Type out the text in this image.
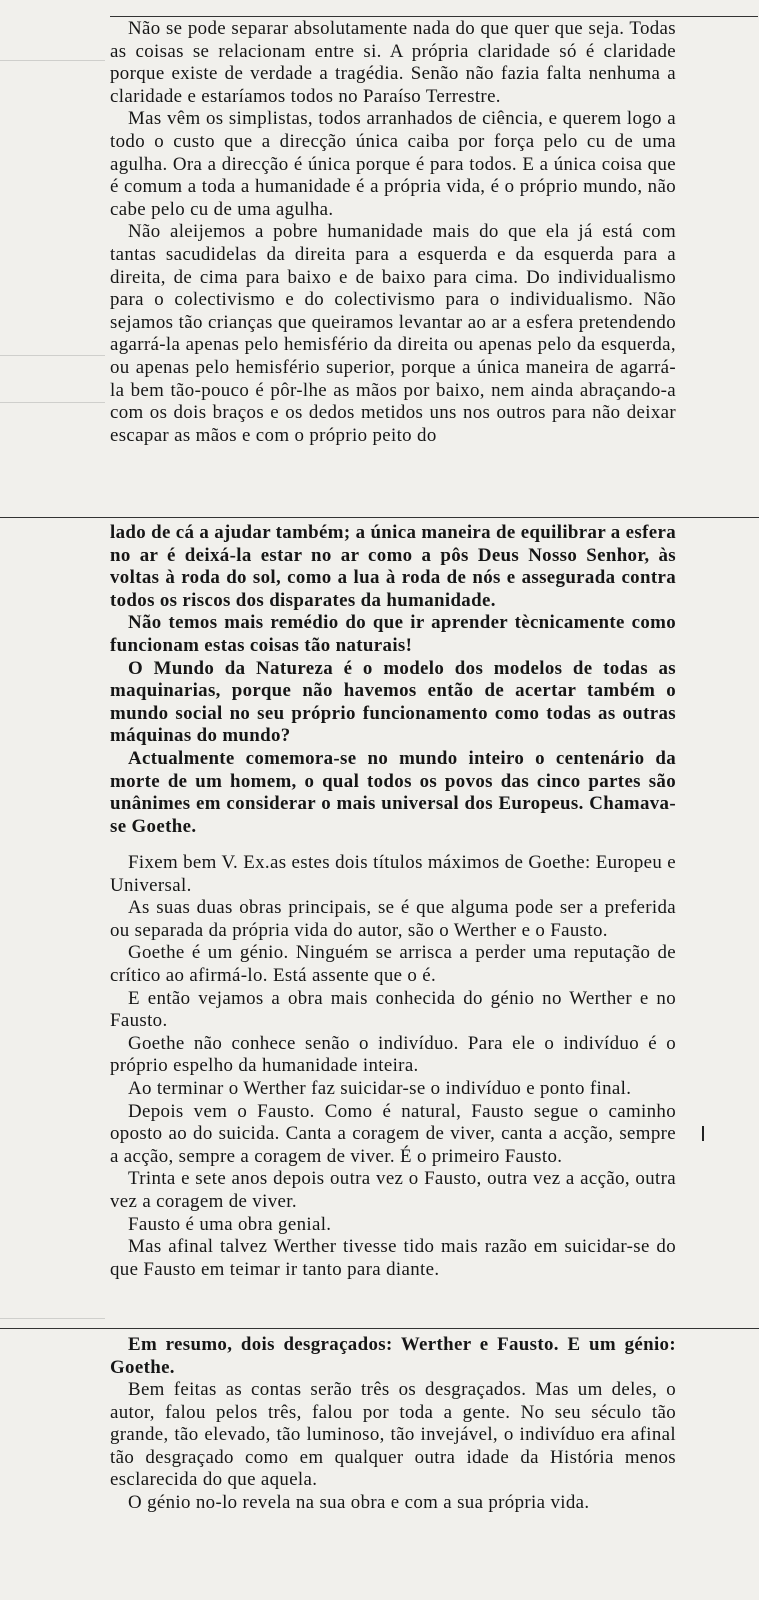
Não se pode separar absolutamente nada do que quer que seja. Todas as coisas se relacionam entre si. A própria claridade só é claridade porque existe de verdade a tragédia. Senão não fazia falta nenhuma a claridade e estaríamos todos no Paraíso Terrestre.

Mas vêm os simplistas, todos arranhados de ciência, e querem logo a todo o custo que a direcção única caiba por força pelo cu de uma agulha. Ora a direcção é única porque é para todos. E a única coisa que é comum a toda a humanidade é a própria vida, é o próprio mundo, não cabe pelo cu de uma agulha.

Não aleijemos a pobre humanidade mais do que ela já está com tantas sacudidelas da direita para a esquerda e da esquerda para a direita, de cima para baixo e de baixo para cima. Do individualismo para o colectivismo e do colectivismo para o individualismo. Não sejamos tão crianças que queiramos levantar ao ar a esfera pretendendo agarrá-la apenas pelo hemisfério da direita ou apenas pelo da esquerda, ou apenas pelo hemisfério superior, porque a única maneira de agarrá-la bem tão-pouco é pôr-lhe as mãos por baixo, nem ainda abraçando-a com os dois braços e os dedos metidos uns nos outros para não deixar escapar as mãos e com o próprio peito do

lado de cá a ajudar também; a única maneira de equilibrar a esfera no ar é deixá-la estar no ar como a pôs Deus Nosso Senhor, às voltas à roda do sol, como a lua à roda de nós e assegurada contra todos os riscos dos disparates da humanidade.

Não temos mais remédio do que ir aprender tècnicamente como funcionam estas coisas tão naturais!

O Mundo da Natureza é o modelo dos modelos de todas as maquinarias, porque não havemos então de acertar também o mundo social no seu próprio funcionamento como todas as outras máquinas do mundo?

Actualmente comemora-se no mundo inteiro o centenário da morte de um homem, o qual todos os povos das cinco partes são unânimes em considerar o mais universal dos Europeus. Chamava-se Goethe.

Fixem bem V. Ex.as estes dois títulos máximos de Goethe: Europeu e Universal.

As suas duas obras principais, se é que alguma pode ser a preferida ou separada da própria vida do autor, são o Werther e o Fausto.

Goethe é um génio. Ninguém se arrisca a perder uma reputação de crítico ao afirmá-lo. Está assente que o é.

E então vejamos a obra mais conhecida do génio no Werther e no Fausto.

Goethe não conhece senão o indivíduo. Para ele o indivíduo é o próprio espelho da humanidade inteira.

Ao terminar o Werther faz suicidar-se o indivíduo e ponto final.

Depois vem o Fausto. Como é natural, Fausto segue o caminho oposto ao do suicida. Canta a coragem de viver, canta a acção, sempre a acção, sempre a coragem de viver. É o primeiro Fausto.

Trinta e sete anos depois outra vez o Fausto, outra vez a acção, outra vez a coragem de viver.

Fausto é uma obra genial.

Mas afinal talvez Werther tivesse tido mais razão em suicidar-se do que Fausto em teimar ir tanto para diante.

Em resumo, dois desgraçados: Werther e Fausto. E um génio: Goethe.

Bem feitas as contas serão três os desgraçados. Mas um deles, o autor, falou pelos três, falou por toda a gente. No seu século tão grande, tão elevado, tão luminoso, tão invejável, o indivíduo era afinal tão desgraçado como em qualquer outra idade da História menos esclarecida do que aquela.

O génio no-lo revela na sua obra e com a sua própria vida.
